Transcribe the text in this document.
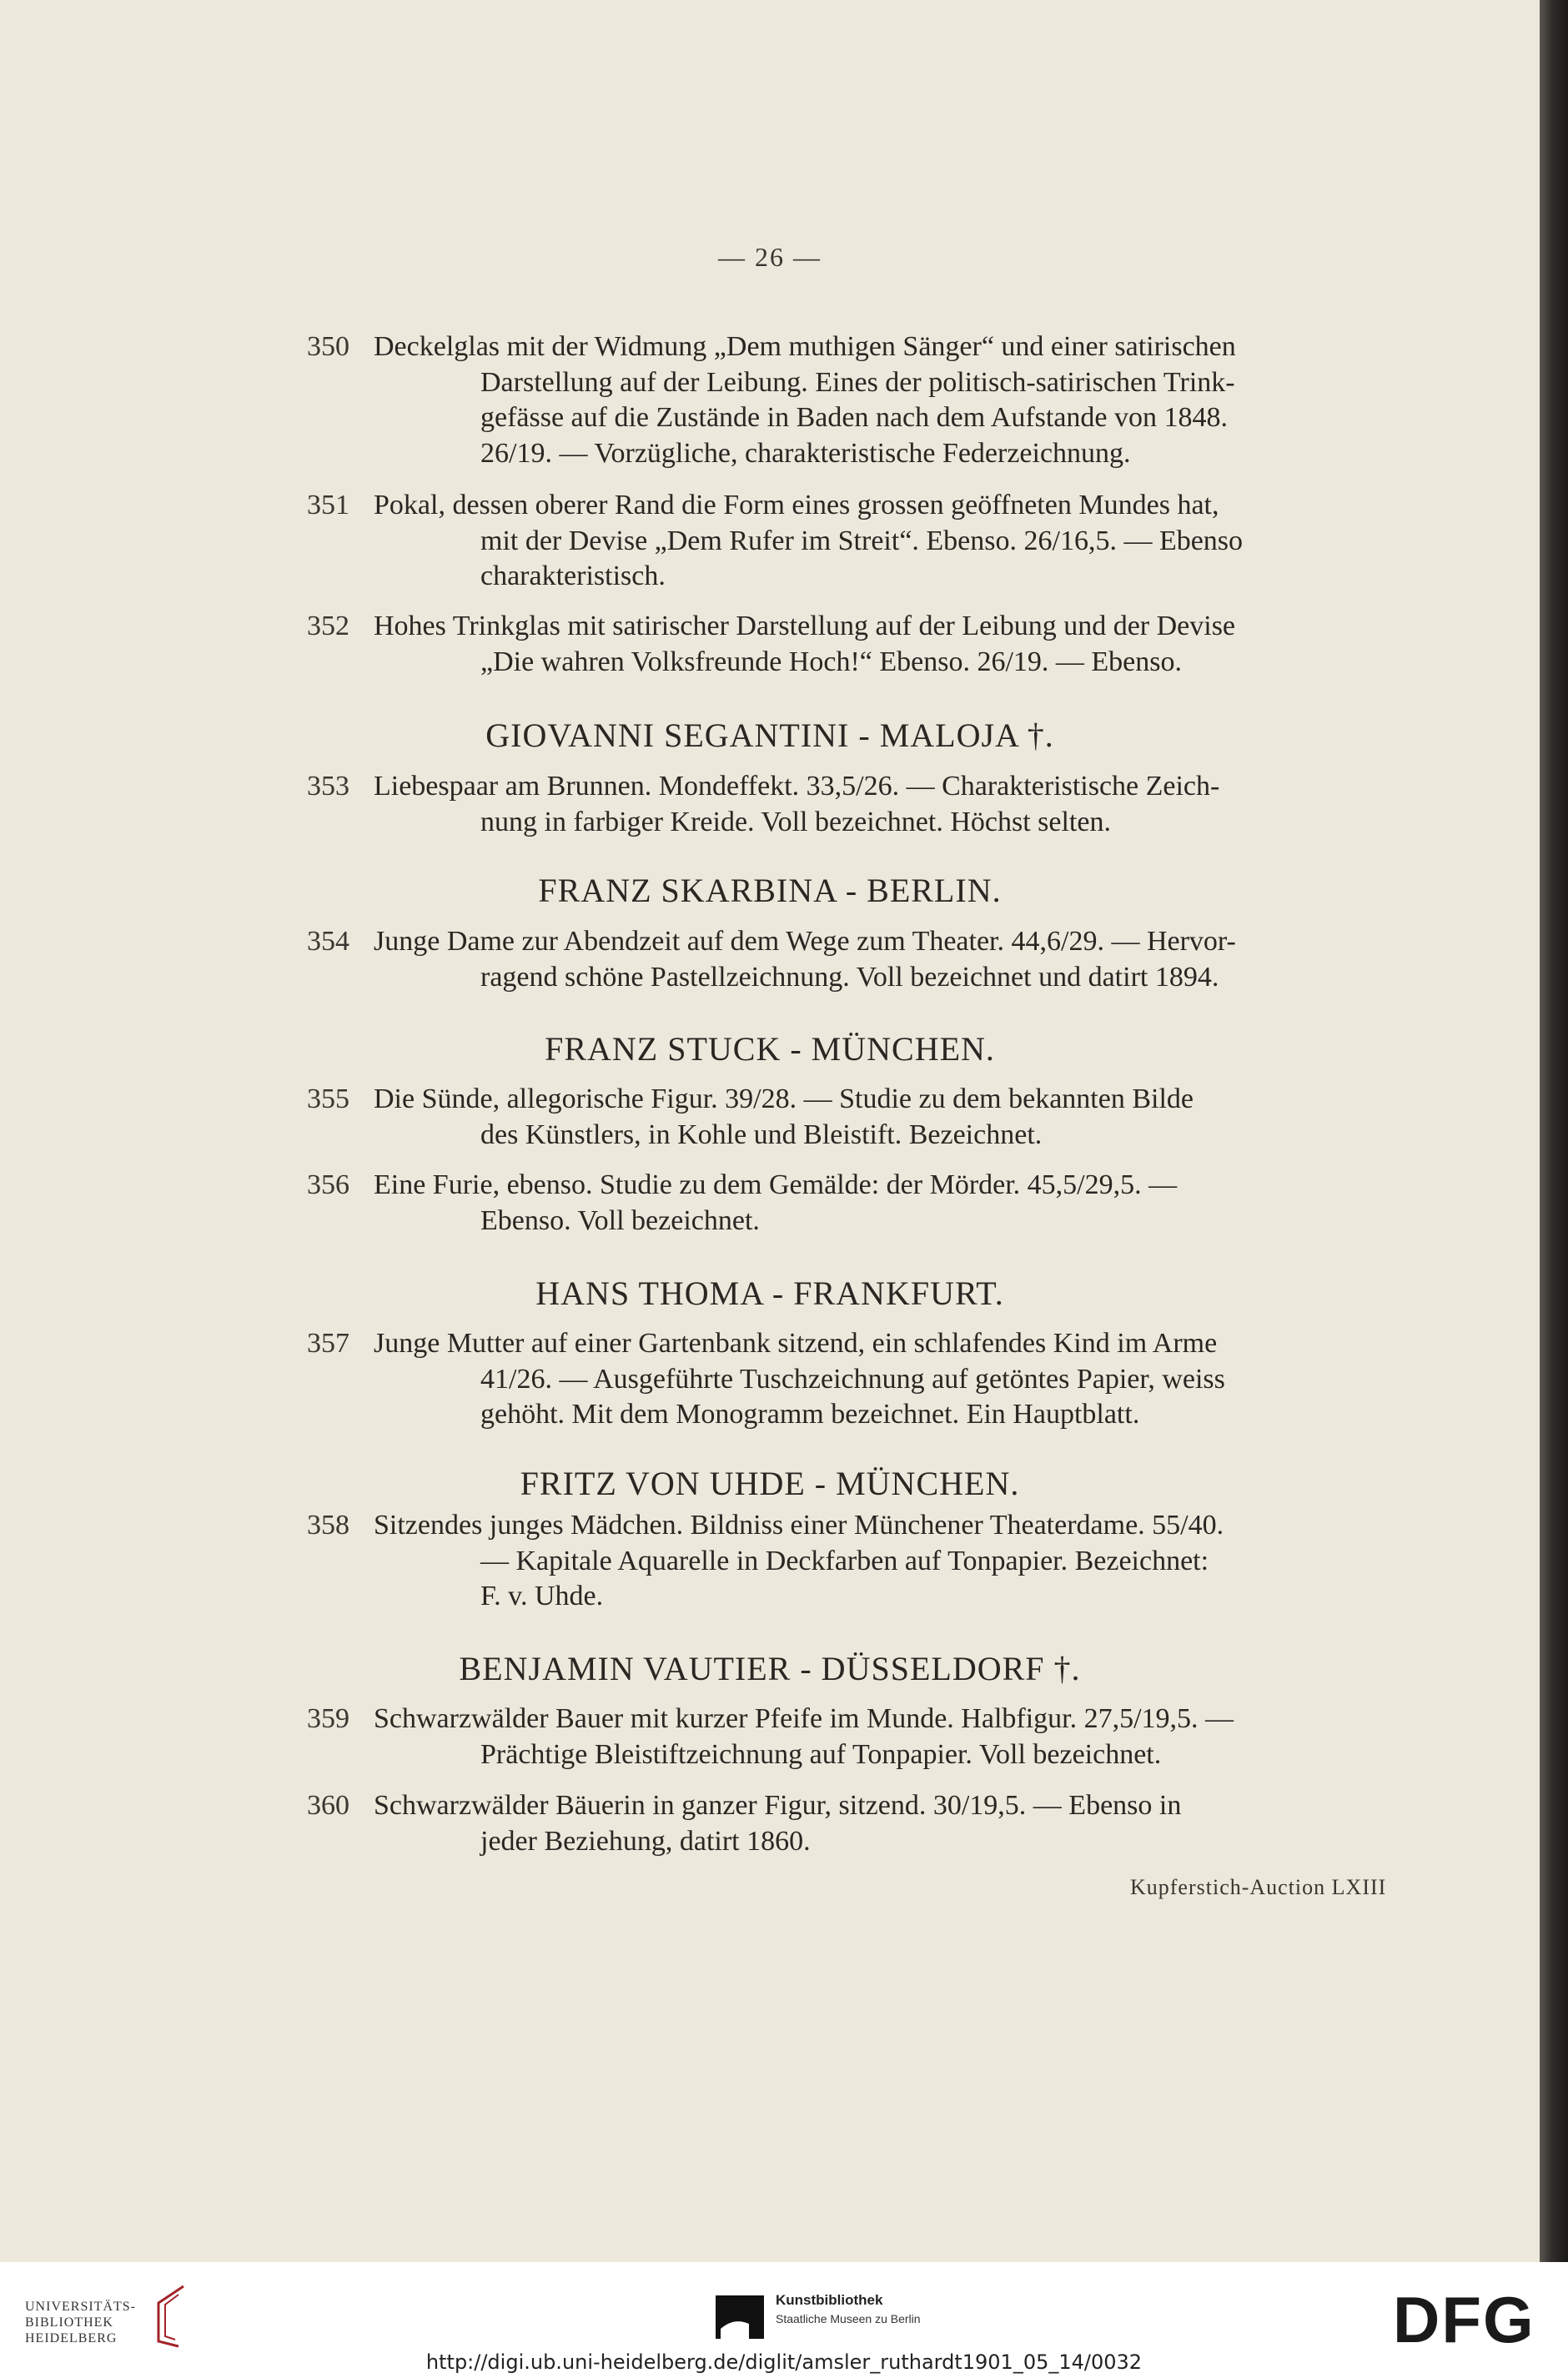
— 26 —
350 Deckelglas mit der Widmung „Dem muthigen Sänger“ und einer satirischen
Darstellung auf der Leibung. Eines der politisch-satirischen Trink-
gefässe auf die Zustände in Baden nach dem Aufstande von 1848.
26/19. — Vorzügliche, charakteristische Federzeichnung.
351 Pokal, dessen oberer Rand die Form eines grossen geöffneten Mundes hat,
mit der Devise „Dem Rufer im Streit“. Ebenso. 26/16,5. — Ebenso
charakteristisch.
352 Hohes Trinkglas mit satirischer Darstellung auf der Leibung und der Devise
„Die wahren Volksfreunde Hoch!“ Ebenso. 26/19. — Ebenso.
GIOVANNI SEGANTINI - MALOJA †.
353 Liebespaar am Brunnen. Mondeffekt. 33,5/26. — Charakteristische Zeich-
nung in farbiger Kreide. Voll bezeichnet. Höchst selten.
FRANZ SKARBINA - BERLIN.
354 Junge Dame zur Abendzeit auf dem Wege zum Theater. 44,6/29. — Hervor-
ragend schöne Pastellzeichnung. Voll bezeichnet und datirt 1894.
FRANZ STUCK - MÜNCHEN.
355 Die Sünde, allegorische Figur. 39/28. — Studie zu dem bekannten Bilde
des Künstlers, in Kohle und Bleistift. Bezeichnet.
356 Eine Furie, ebenso. Studie zu dem Gemälde: der Mörder. 45,5/29,5. —
Ebenso. Voll bezeichnet.
HANS THOMA - FRANKFURT.
357 Junge Mutter auf einer Gartenbank sitzend, ein schlafendes Kind im Arme
41/26. — Ausgeführte Tuschzeichnung auf getöntes Papier, weiss
gehöht. Mit dem Monogramm bezeichnet. Ein Hauptblatt.
FRITZ VON UHDE - MÜNCHEN.
358 Sitzendes junges Mädchen. Bildniss einer Münchener Theaterdame. 55/40.
— Kapitale Aquarelle in Deckfarben auf Tonpapier. Bezeichnet:
F. v. Uhde.
BENJAMIN VAUTIER - DÜSSELDORF †.
359 Schwarzwälder Bauer mit kurzer Pfeife im Munde. Halbfigur. 27,5/19,5. —
Prächtige Bleistiftzeichnung auf Tonpapier. Voll bezeichnet.
360 Schwarzwälder Bäuerin in ganzer Figur, sitzend. 30/19,5. — Ebenso in
jeder Beziehung, datirt 1860.
Kupferstich-Auction LXIII
UNIVERSITÄTS-
BIBLIOTHEK
HEIDELBERG
Kunstbibliothek
Staatliche Museen zu Berlin	DFG
http://digi.ub.uni-heidelberg.de/diglit/amsler_ruthardt1901_05_14/0032
